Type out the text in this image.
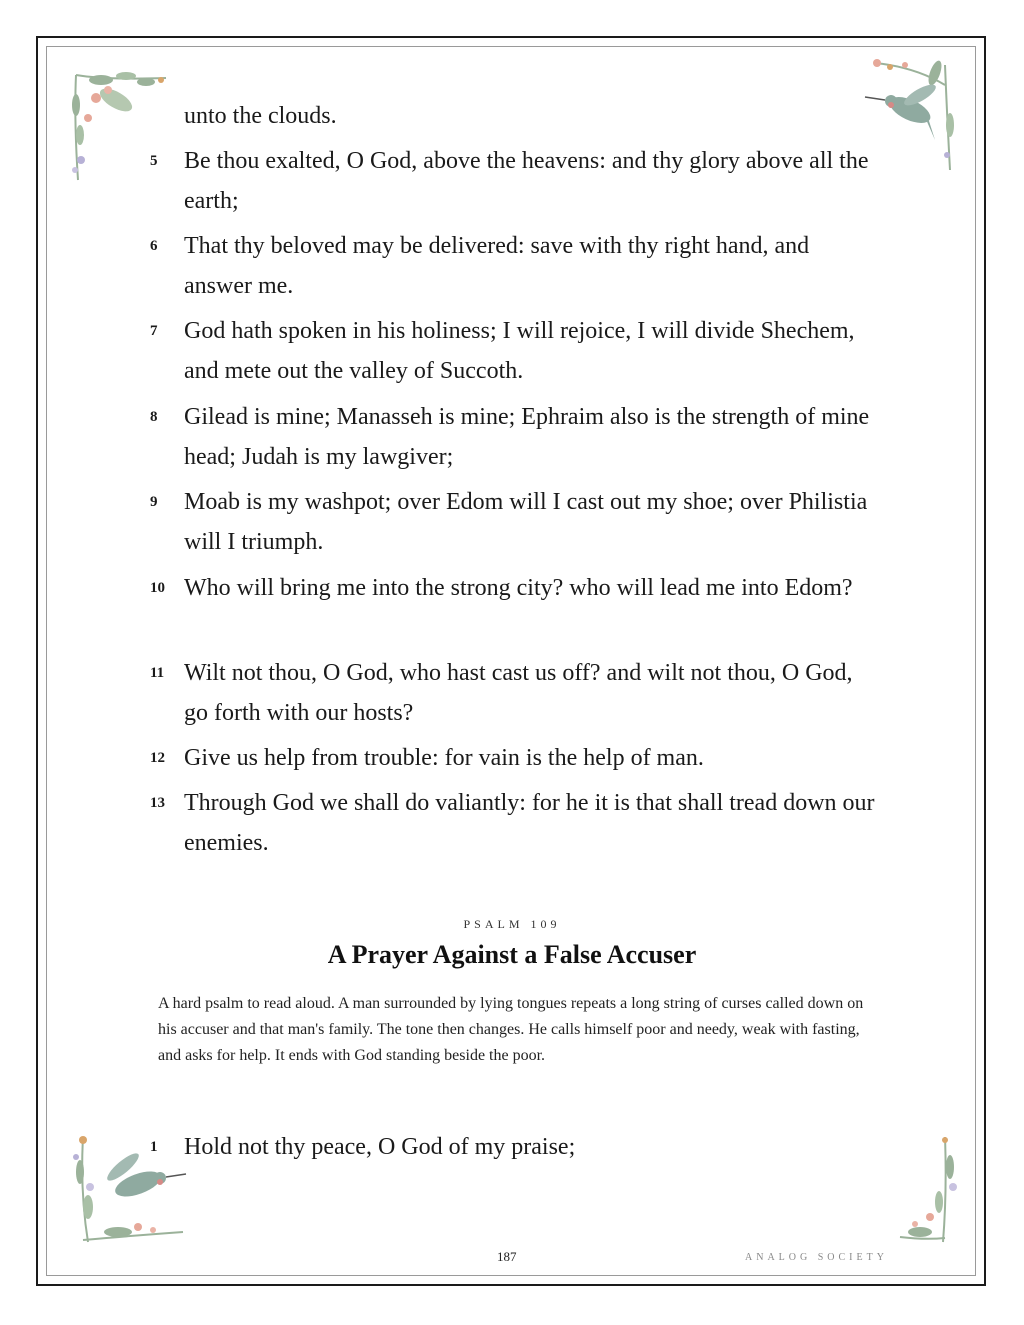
unto the clouds.
5	Be thou exalted, O God, above the heavens: and thy glory above all the earth;
6	That thy beloved may be delivered: save with thy right hand, and answer me.
7	God hath spoken in his holiness; I will rejoice, I will divide Shechem, and mete out the valley of Succoth.
8	Gilead is mine; Manasseh is mine; Ephraim also is the strength of mine head; Judah is my lawgiver;
9	Moab is my washpot; over Edom will I cast out my shoe; over Philistia will I triumph.
10 Who will bring me into the strong city? who will lead me into Edom?
11 Wilt not thou, O God, who hast cast us off? and wilt not thou, O God, go forth with our hosts?
12 Give us help from trouble: for vain is the help of man.
13 Through God we shall do valiantly: for he it is that shall tread down our enemies.
PSALM 109
A Prayer Against a False Accuser
A hard psalm to read aloud. A man surrounded by lying tongues repeats a long string of curses called down on his accuser and that man's family. The tone then changes. He calls himself poor and needy, weak with fasting, and asks for help. It ends with God standing beside the poor.
1	Hold not thy peace, O God of my praise;
187	ANALOG SOCIETY
